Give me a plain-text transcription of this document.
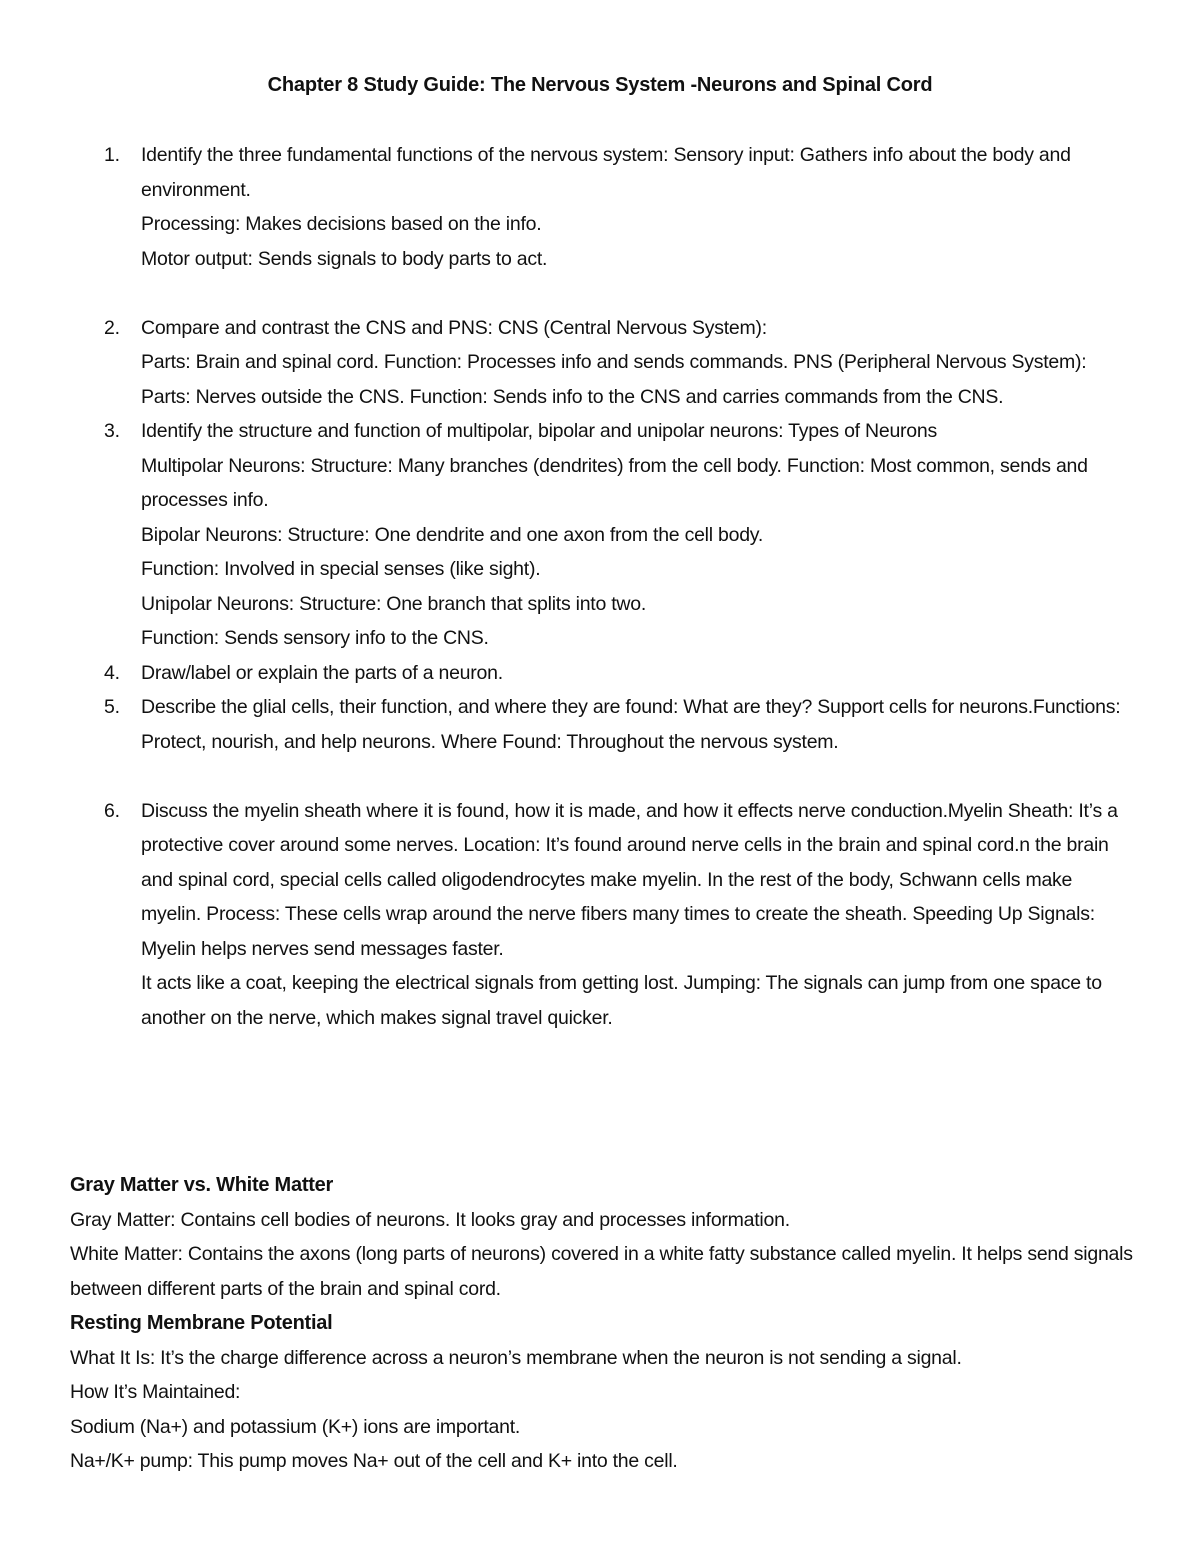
Chapter 8 Study Guide: The Nervous System -Neurons and Spinal Cord
1.	Identify the three fundamental functions of the nervous system: Sensory input: Gathers info about the body and environment.
Processing: Makes decisions based on the info.
Motor output: Sends signals to body parts to act.
2.	Compare and contrast the CNS and PNS: CNS (Central Nervous System):
Parts: Brain and spinal cord. Function: Processes info and sends commands. PNS (Peripheral Nervous System): Parts: Nerves outside the CNS. Function: Sends info to the CNS and carries commands from the CNS.
3.	Identify the structure and function of multipolar, bipolar and unipolar neurons: Types of Neurons
Multipolar Neurons: Structure: Many branches (dendrites) from the cell body. Function: Most common, sends and processes info.
Bipolar Neurons: Structure: One dendrite and one axon from the cell body.
Function: Involved in special senses (like sight).
Unipolar Neurons: Structure: One branch that splits into two.
Function: Sends sensory info to the CNS.
4.	Draw/label or explain the parts of a neuron.
5.	Describe the glial cells, their function, and where they are found: What are they? Support cells for neurons.Functions: Protect, nourish, and help neurons. Where Found: Throughout the nervous system.
6.	Discuss the myelin sheath where it is found, how it is made, and how it effects nerve conduction.Myelin Sheath: It’s a protective cover around some nerves. Location: It’s found around nerve cells in the brain and spinal cord.n the brain and spinal cord, special cells called oligodendrocytes make myelin. In the rest of the body, Schwann cells make myelin. Process: These cells wrap around the nerve fibers many times to create the sheath. Speeding Up Signals: Myelin helps nerves send messages faster.
It acts like a coat, keeping the electrical signals from getting lost. Jumping: The signals can jump from one space to another on the nerve, which makes signal travel quicker.
Gray Matter vs. White Matter
Gray Matter: Contains cell bodies of neurons. It looks gray and processes information.
White Matter: Contains the axons (long parts of neurons) covered in a white fatty substance called myelin. It helps send signals between different parts of the brain and spinal cord.
Resting Membrane Potential
What It Is: It’s the charge difference across a neuron’s membrane when the neuron is not sending a signal.
How It’s Maintained:
Sodium (Na+) and potassium (K+) ions are important.
Na+/K+ pump: This pump moves Na+ out of the cell and K+ into the cell.
